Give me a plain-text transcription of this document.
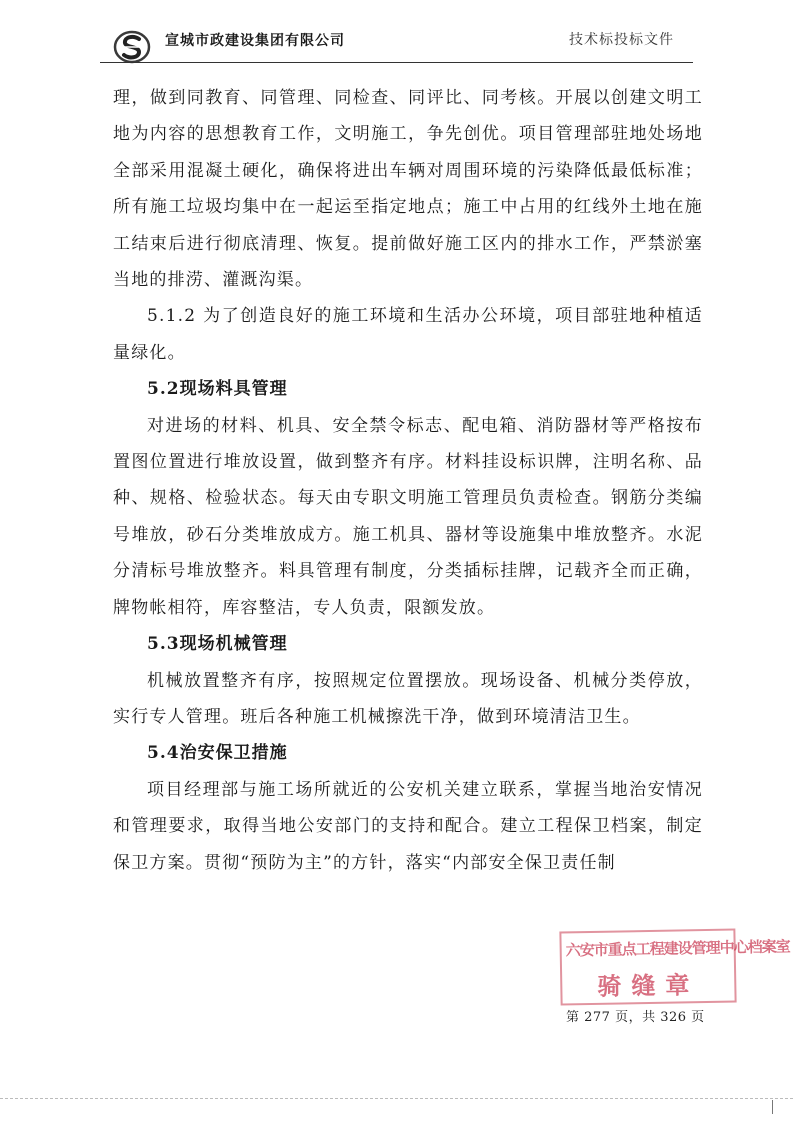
宣城市政建设集团有限公司	技术标投标文件

理，做到同教育、同管理、同检查、同评比、同考核。开展以创建文明工地为内容的思想教育工作，文明施工，争先创优。项目管理部驻地处场地全部采用混凝土硬化，确保将进出车辆对周围环境的污染降低最低标准；所有施工垃圾均集中在一起运至指定地点；施工中占用的红线外土地在施工结束后进行彻底清理、恢复。提前做好施工区内的排水工作，严禁淤塞当地的排涝、灌溉沟渠。

5.1.2 为了创造良好的施工环境和生活办公环境，项目部驻地种植适量绿化。

5.2现场料具管理

对进场的材料、机具、安全禁令标志、配电箱、消防器材等严格按布置图位置进行堆放设置，做到整齐有序。材料挂设标识牌，注明名称、品种、规格、检验状态。每天由专职文明施工管理员负责检查。钢筋分类编号堆放，砂石分类堆放成方。施工机具、器材等设施集中堆放整齐。水泥分清标号堆放整齐。料具管理有制度，分类插标挂牌，记载齐全而正确，牌物帐相符，库容整洁，专人负责，限额发放。

5.3现场机械管理

机械放置整齐有序，按照规定位置摆放。现场设备、机械分类停放，实行专人管理。班后各种施工机械擦洗干净，做到环境清洁卫生。

5.4治安保卫措施

项目经理部与施工场所就近的公安机关建立联系，掌握当地治安情况和管理要求，取得当地公安部门的支持和配合。建立工程保卫档案，制定保卫方案。贯彻“预防为主”的方针，落实“内部安全保卫责任制

六安市重点工程建设管理中心档案室
骑缝章
第 277 页，共 326 页
